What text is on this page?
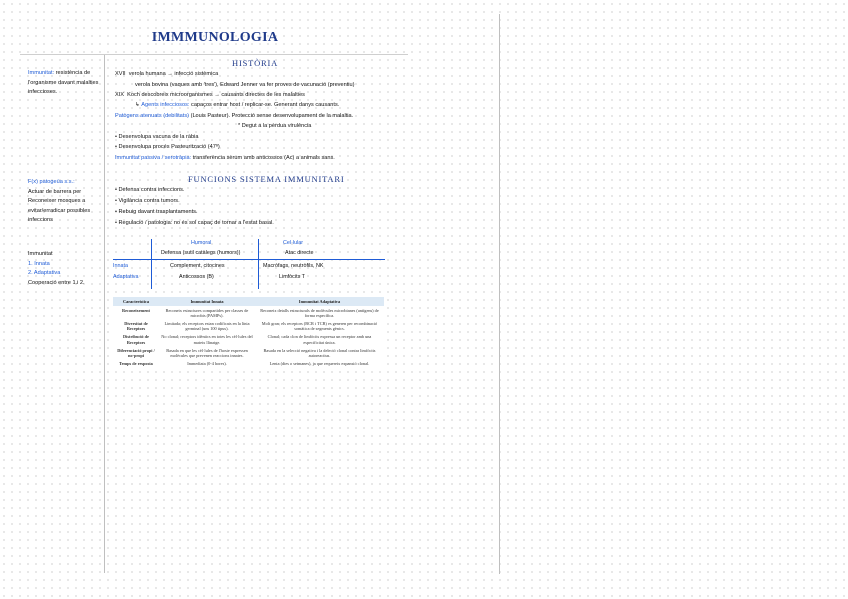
IMMMUNOLOGIA
HISTÒRIA
Immunitat: resistència de l'organisme davant malalties infeccioses.
XVII verola humana → infecció sistèmica
verola bovina (vaques amb 'tres'), Edward Jenner va fer proves de vacunació (preventiu)
XIX Koch descobreix microorganismes → causants directes de les malalties
↳ Agents infecciosos: capaços entrar host / replicar-se. Generant danys causants.
Patògens atenuats (debilitats) (Louis Pasteur). Protecció sense desenvolupament de la malaltia.
* Degut a la pèrdua virulència
• Desenvolupa vacuna de la ràbia
• Desenvolupa procés Pasteurització (47º)
Immunitat passiva / serotràpia: transferència sèrum amb anticossos (Ac) a animals sans.
FUNCIONS SISTEMA IMMUNITARI
F(x) patogeùa s.s.:
Actuar de barrera per Reconeixer mosques a evitar/erradicar possibles infeccions
• Defensa contra infeccions.
• Vigilància contra tumors.
• Rebuig davant trasplantaments.
• Regulació / patologia: no és sol capaç de tornar a l'estat basal.
Immunitat
1. Innata
2. Adaptativa
Cooperació entre 1.i 2.
Humoral
Defensa (sutil catàlegs (humors))
Cel·lular
Atac directe
Innata	Complement, citocines	Macròfags, neutròfils, NK
Adaptativa	Anticossos (B)	Limfòcits T
Característica	Immunitat Innata	Immunitat Adaptativa
Reconeixement	Reconeix estructures compartides per classes de microbis (PAMPs).	Reconeix detalls estructurals de molècules microbianes (antígens) de forma específica.
Diversitat de Receptors	Limitada; els receptors estan codificats en la línia germinal (uns 100 tipus).	Molt gran; els receptors (BCR i TCR) es generen per recombinació somàtica de segments gènics.
Distribució de Receptors	No clonal; receptors idèntics en totes les cèl·lules del mateix llinatge.	Clonal; cada clon de limfòcits expressa un receptor amb una especificitat única.
Diferenciació propi / no-propi	Basada en que les cèl·lules de l'hoste expressen molècules que prevenen reaccions innates.	Basada en la selecció negativa i la deleció clonal contra limfòcits autoreactius.
Temps de resposta	Immediata (0-4 hores).	Lenta (dies o setmanes), ja que requereix expansió clonal.
